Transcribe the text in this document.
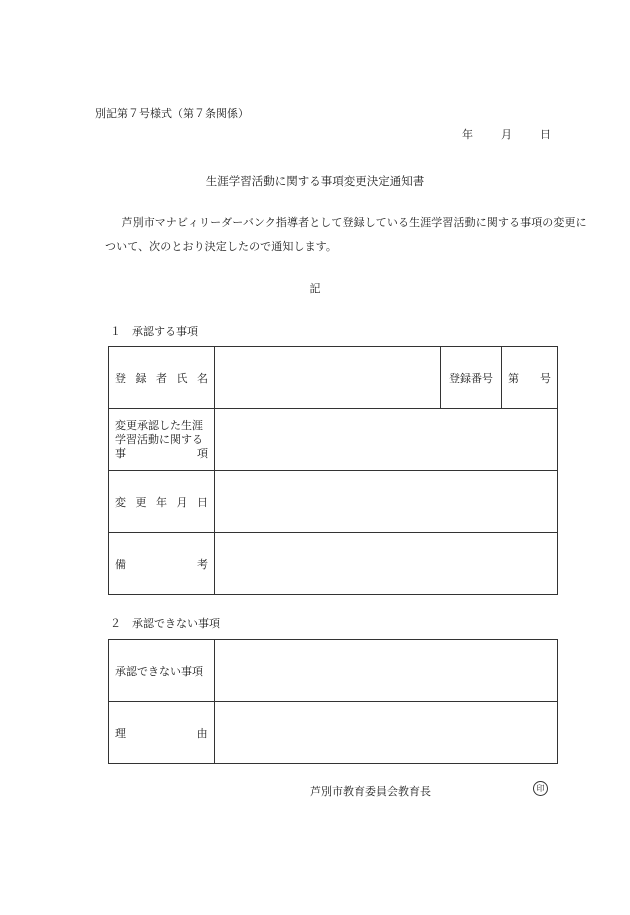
別記第７号様式（第７条関係）
年	月	日
生涯学習活動に関する事項変更決定通知書
芦別市マナビィリーダーバンク指導者として登録している生涯学習活動に関する事項の変更について、次のとおり決定したので通知します。
記
１　承認する事項
登 録 者 氏 名		登録番号	第 号

変更承認した生涯
学習活動に関する
事 項			

変 更 年 月 日			

備 考			

２　承認できない事項
承認できない事項	

理 由	

芦別市教育委員会教育長	印
